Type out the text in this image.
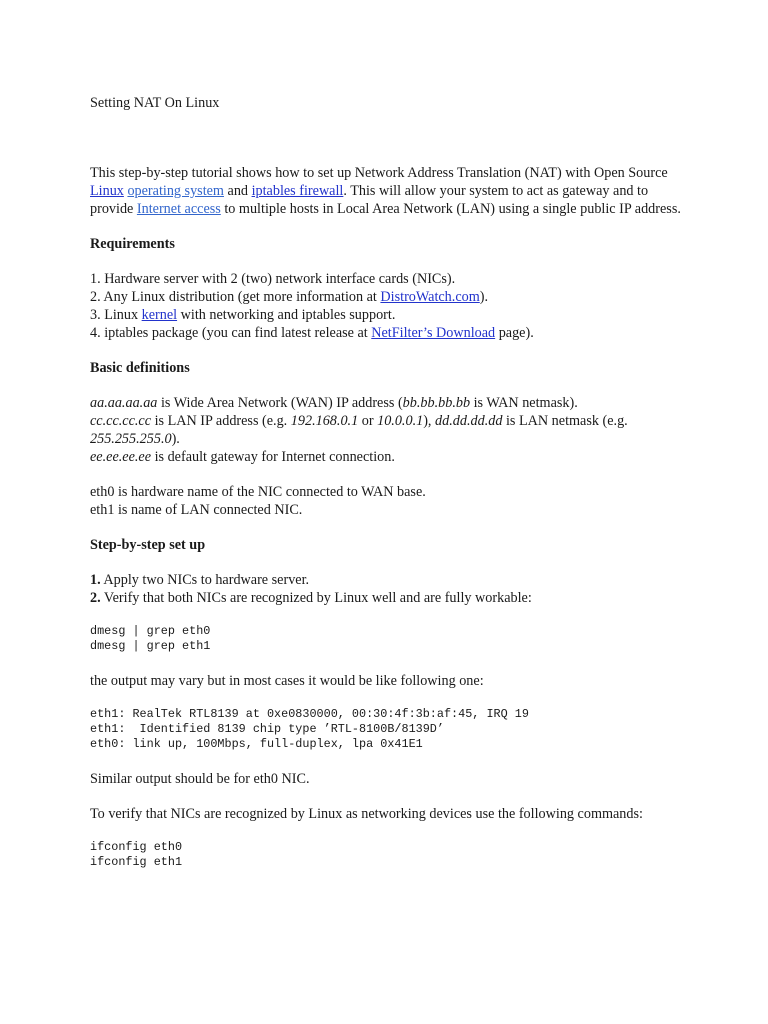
Setting NAT On Linux

This step-by-step tutorial shows how to set up Network Address Translation (NAT) with Open Source Linux operating system and iptables firewall. This will allow your system to act as gateway and to provide Internet access to multiple hosts in Local Area Network (LAN) using a single public IP address.

Requirements

1. Hardware server with 2 (two) network interface cards (NICs).
2. Any Linux distribution (get more information at DistroWatch.com).
3. Linux kernel with networking and iptables support.
4. iptables package (you can find latest release at NetFilter’s Download page).

Basic definitions

aa.aa.aa.aa is Wide Area Network (WAN) IP address (bb.bb.bb.bb is WAN netmask).
cc.cc.cc.cc is LAN IP address (e.g. 192.168.0.1 or 10.0.0.1), dd.dd.dd.dd is LAN netmask (e.g. 255.255.255.0).
ee.ee.ee.ee is default gateway for Internet connection.

eth0 is hardware name of the NIC connected to WAN base.
eth1 is name of LAN connected NIC.

Step-by-step set up

1. Apply two NICs to hardware server.
2. Verify that both NICs are recognized by Linux well and are fully workable:

dmesg | grep eth0
dmesg | grep eth1

the output may vary but in most cases it would be like following one:

eth1: RealTek RTL8139 at 0xe0830000, 00:30:4f:3b:af:45, IRQ 19
eth1:  Identified 8139 chip type ’RTL-8100B/8139D’
eth0: link up, 100Mbps, full-duplex, lpa 0x41E1

Similar output should be for eth0 NIC.

To verify that NICs are recognized by Linux as networking devices use the following commands:

ifconfig eth0
ifconfig eth1
